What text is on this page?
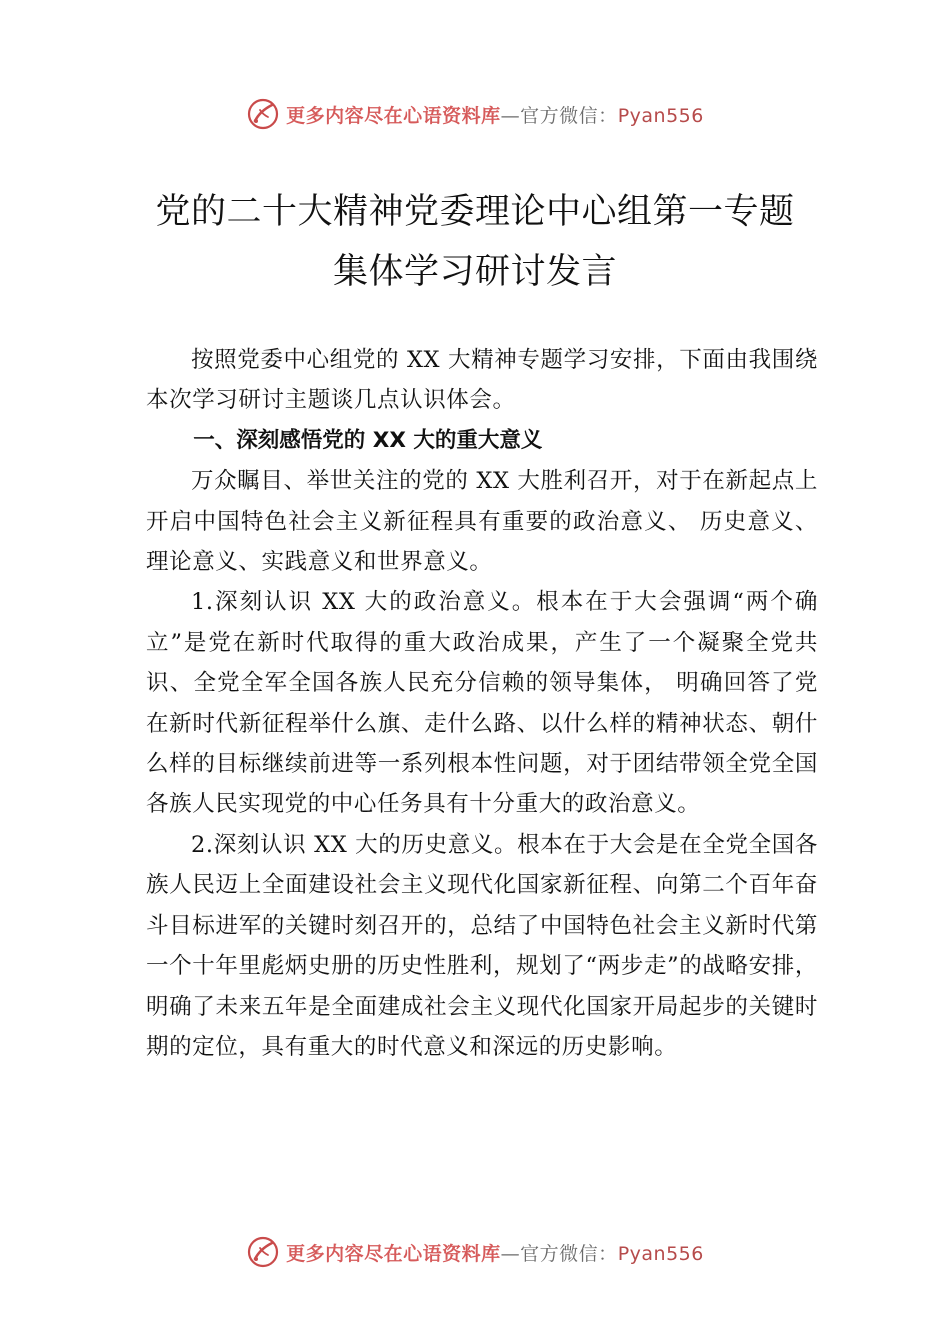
更多内容尽在心语资料库—官方微信：Pyan556
党的二十大精神党委理论中心组第一专题
集体学习研讨发言

按照党委中心组党的 XX 大精神专题学习安排，下面由我围绕本次学习研讨主题谈几点认识体会。

一、深刻感悟党的 XX 大的重大意义

万众瞩目、举世关注的党的 XX 大胜利召开，对于在新起点上开启中国特色社会主义新征程具有重要的政治意义、 历史意义、理论意义、实践意义和世界意义。

1.深刻认识 XX 大的政治意义。根本在于大会强调“两个确立”是党在新时代取得的重大政治成果，产生了一个凝聚全党共识、全党全军全国各族人民充分信赖的领导集体， 明确回答了党在新时代新征程举什么旗、走什么路、以什么样的精神状态、朝什么样的目标继续前进等一系列根本性问题，对于团结带领全党全国各族人民实现党的中心任务具有十分重大的政治意义。

2.深刻认识 XX 大的历史意义。根本在于大会是在全党全国各族人民迈上全面建设社会主义现代化国家新征程、向第二个百年奋斗目标进军的关键时刻召开的，总结了中国特色社会主义新时代第一个十年里彪炳史册的历史性胜利，规划了“两步走”的战略安排，明确了未来五年是全面建成社会主义现代化国家开局起步的关键时期的定位，具有重大的时代意义和深远的历史影响。

更多内容尽在心语资料库—官方微信：Pyan556
